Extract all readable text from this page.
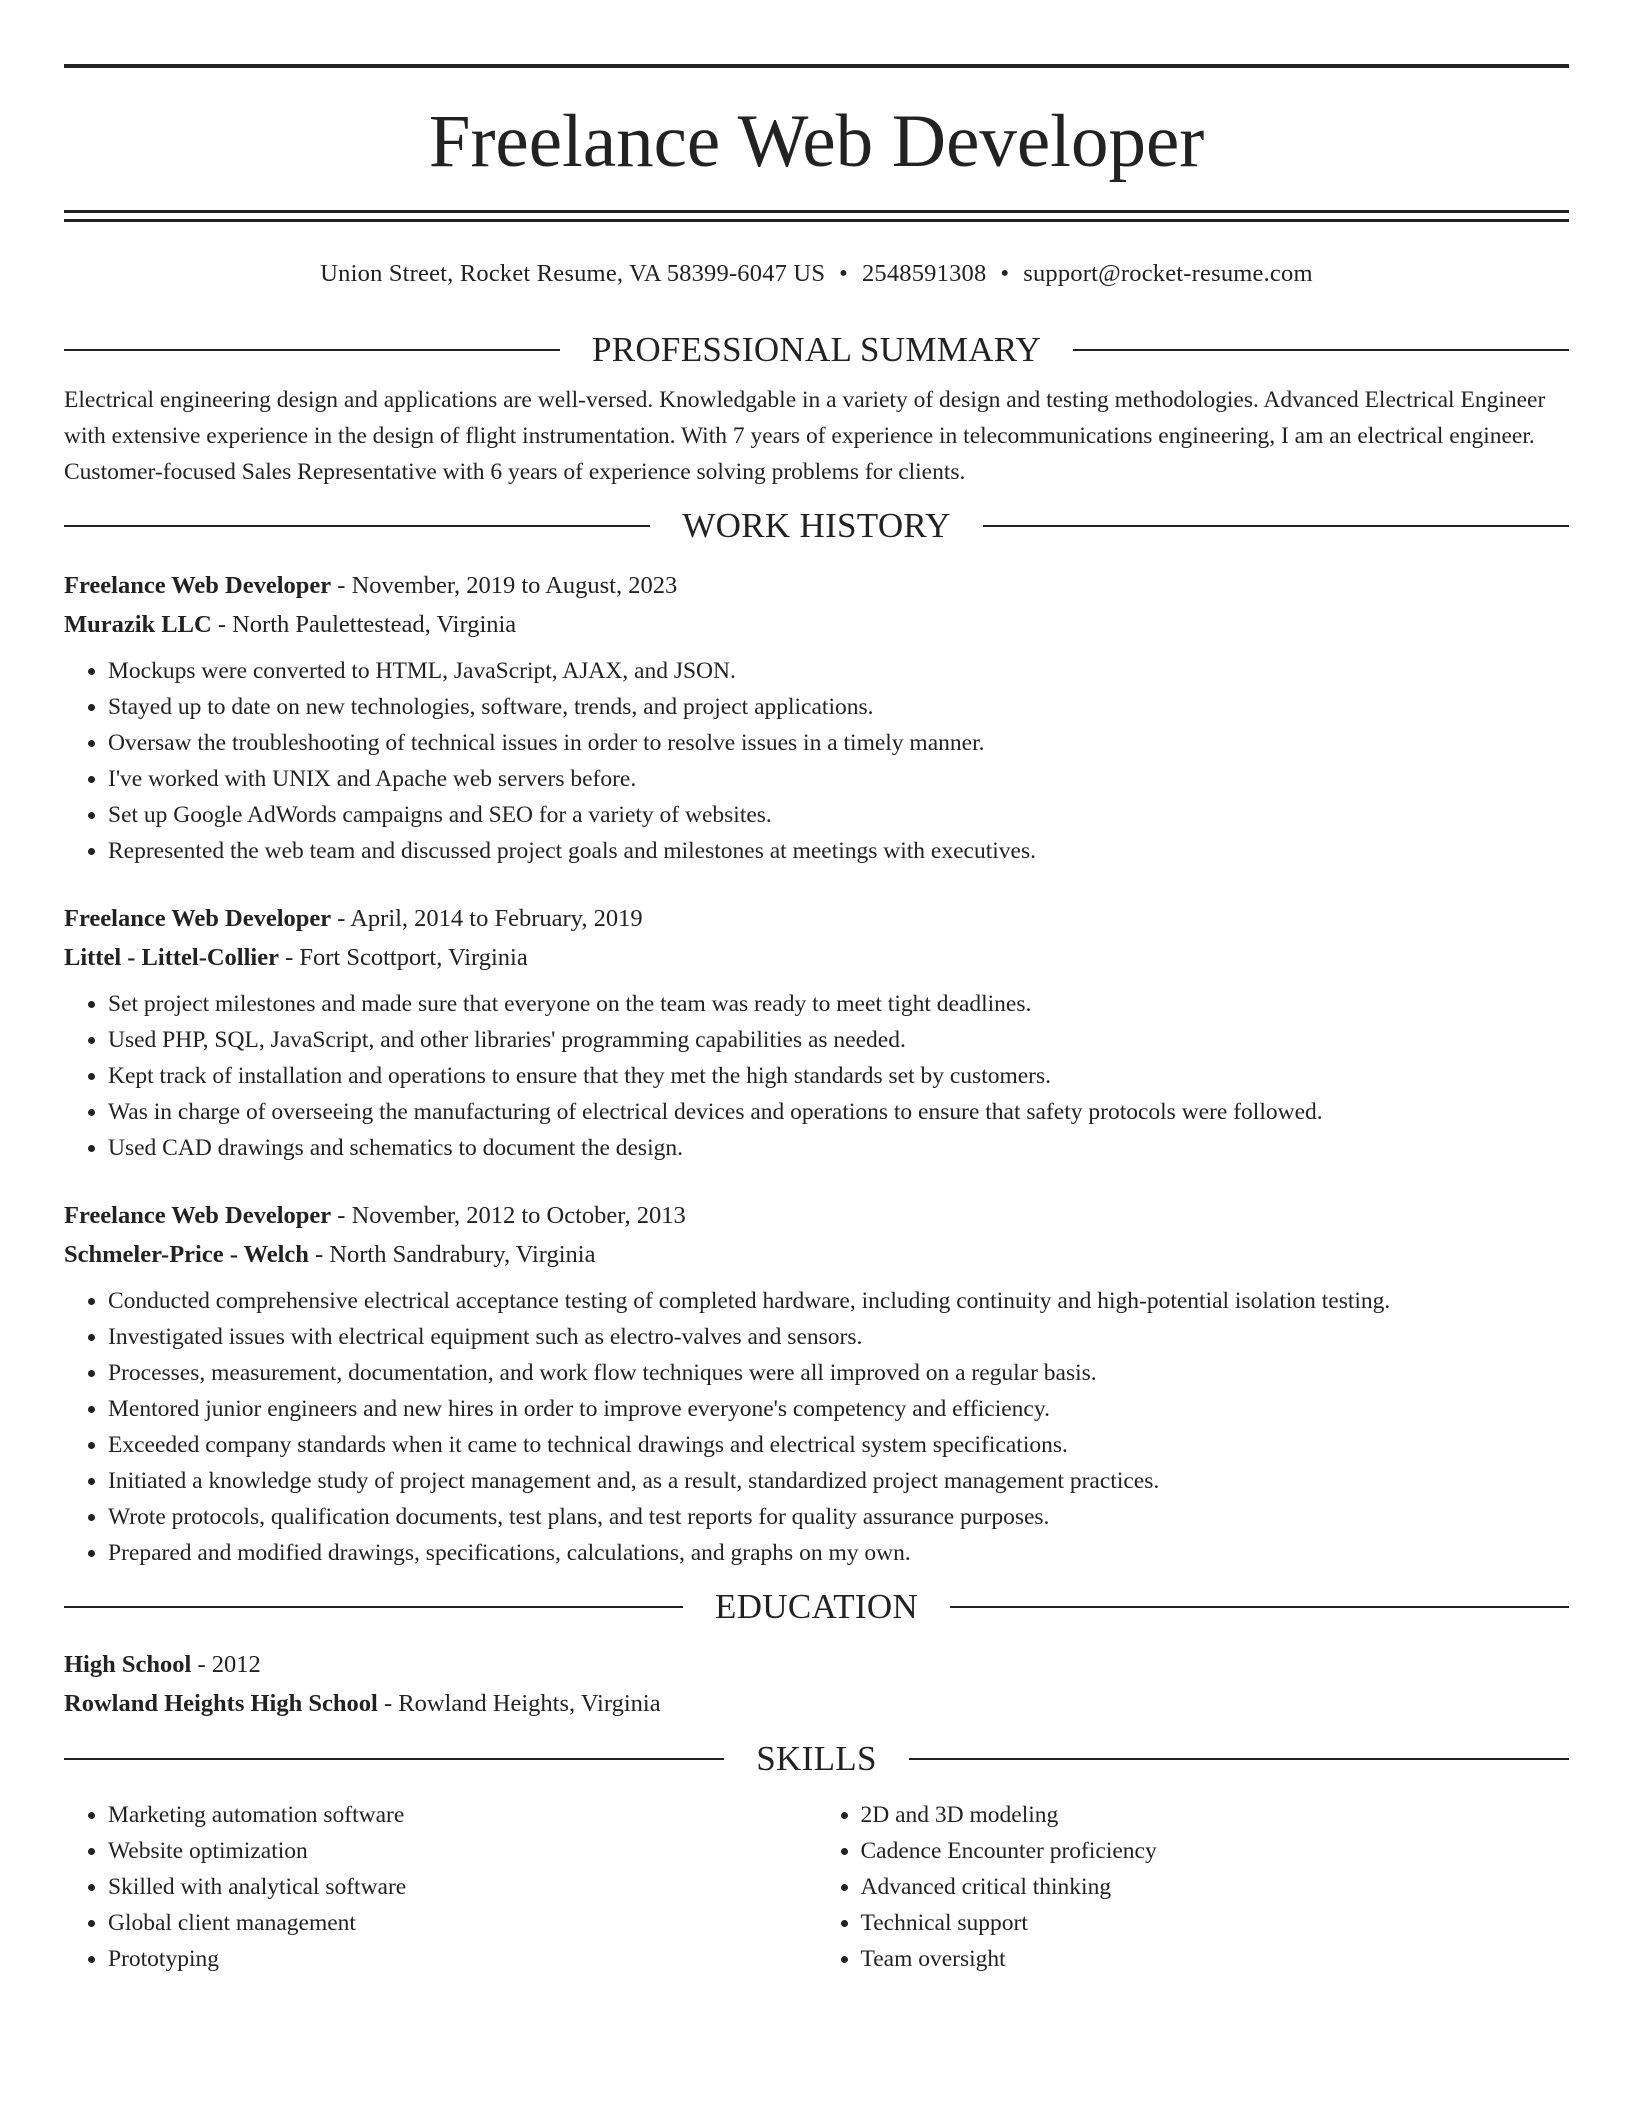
Freelance Web Developer
Union Street, Rocket Resume, VA 58399-6047 US • 2548591308 • support@rocket-resume.com
PROFESSIONAL SUMMARY
Electrical engineering design and applications are well-versed. Knowledgable in a variety of design and testing methodologies. Advanced Electrical Engineer with extensive experience in the design of flight instrumentation. With 7 years of experience in telecommunications engineering, I am an electrical engineer. Customer-focused Sales Representative with 6 years of experience solving problems for clients.
WORK HISTORY
Freelance Web Developer - November, 2019 to August, 2023
Murazik LLC - North Paulettestead, Virginia
• Mockups were converted to HTML, JavaScript, AJAX, and JSON.
• Stayed up to date on new technologies, software, trends, and project applications.
• Oversaw the troubleshooting of technical issues in order to resolve issues in a timely manner.
• I've worked with UNIX and Apache web servers before.
• Set up Google AdWords campaigns and SEO for a variety of websites.
• Represented the web team and discussed project goals and milestones at meetings with executives.
Freelance Web Developer - April, 2014 to February, 2019
Littel - Littel-Collier - Fort Scottport, Virginia
• Set project milestones and made sure that everyone on the team was ready to meet tight deadlines.
• Used PHP, SQL, JavaScript, and other libraries' programming capabilities as needed.
• Kept track of installation and operations to ensure that they met the high standards set by customers.
• Was in charge of overseeing the manufacturing of electrical devices and operations to ensure that safety protocols were followed.
• Used CAD drawings and schematics to document the design.
Freelance Web Developer - November, 2012 to October, 2013
Schmeler-Price - Welch - North Sandrabury, Virginia
• Conducted comprehensive electrical acceptance testing of completed hardware, including continuity and high-potential isolation testing.
• Investigated issues with electrical equipment such as electro-valves and sensors.
• Processes, measurement, documentation, and work flow techniques were all improved on a regular basis.
• Mentored junior engineers and new hires in order to improve everyone's competency and efficiency.
• Exceeded company standards when it came to technical drawings and electrical system specifications.
• Initiated a knowledge study of project management and, as a result, standardized project management practices.
• Wrote protocols, qualification documents, test plans, and test reports for quality assurance purposes.
• Prepared and modified drawings, specifications, calculations, and graphs on my own.
EDUCATION
High School - 2012
Rowland Heights High School - Rowland Heights, Virginia
SKILLS
• Marketing automation software
• Website optimization
• Skilled with analytical software
• Global client management
• Prototyping
• 2D and 3D modeling
• Cadence Encounter proficiency
• Advanced critical thinking
• Technical support
• Team oversight
